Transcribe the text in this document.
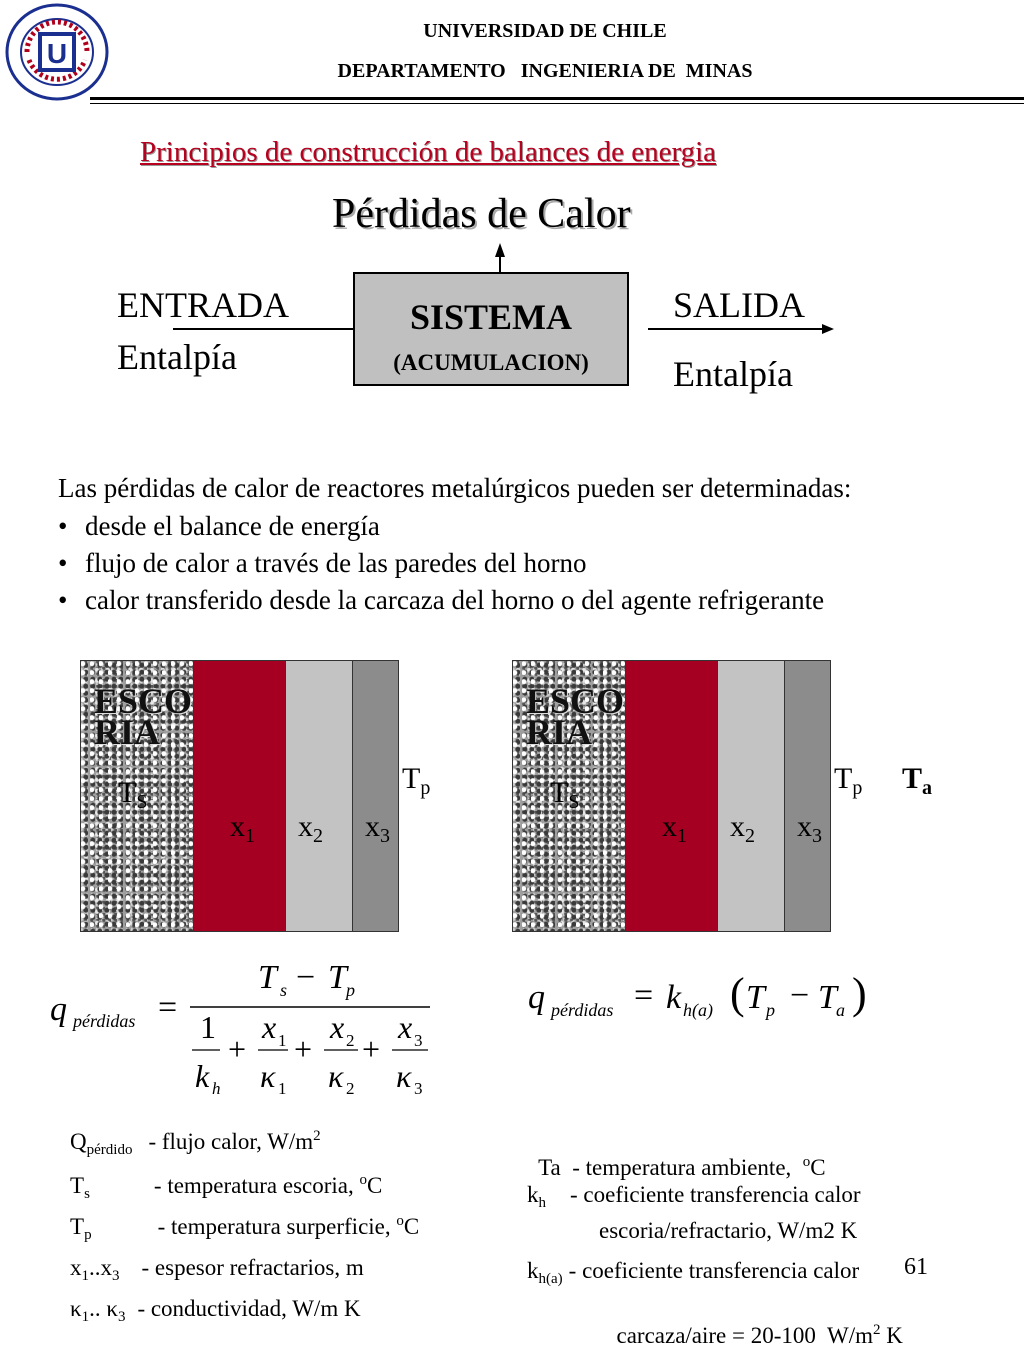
U
UNIVERSIDAD DE CHILE
DEPARTAMENTO   INGENIERIA DE  MINAS
Principios de construcción de balances de energia
Pérdidas de Calor
ENTRADA
Entalpía
SISTEMA
(ACUMULACION)
SALIDA
Entalpía
Las pérdidas de calor de reactores metalúrgicos pueden ser determinadas:
• desde el balance de energía
• flujo de calor a través de las paredes del horno
• calor transferido desde la carcaza del horno o del agente refrigerante
ESCO
RIA
$T_S$
$x_1$ $x_2$ $x_3$
$T_p$
ESCO
RIA
$T_S$
$x_1$ $x_2$ $x_3$
$T_p$ $T_a$
q pérdidas =
T s − T p
1
k h
+
x 1
κ 1
+
x 2
κ 2
+
x 3
κ 3
q pérdidas = k h(a) ( T p − T a )
$Q_{pérdido}$ - flujo calor, $W/m^2$
$T_s$	- temperatura escoria, $^o$C
$T_p$	- temperatura surperficie, $^o$C
$x_1..x_3$ - espesor refractarios, m
$\kappa_1$.. $\kappa_3$ - conductividad, W/m K

Ta  - temperatura ambiente,  $^o$C

$k_h$ - coeficiente transferencia calor
escoria/refractario, W/m2 K
$k_{h(a)}$ - coeficiente transferencia calor

carcaza/aire = 20-100  $W/m^2$ K

61
